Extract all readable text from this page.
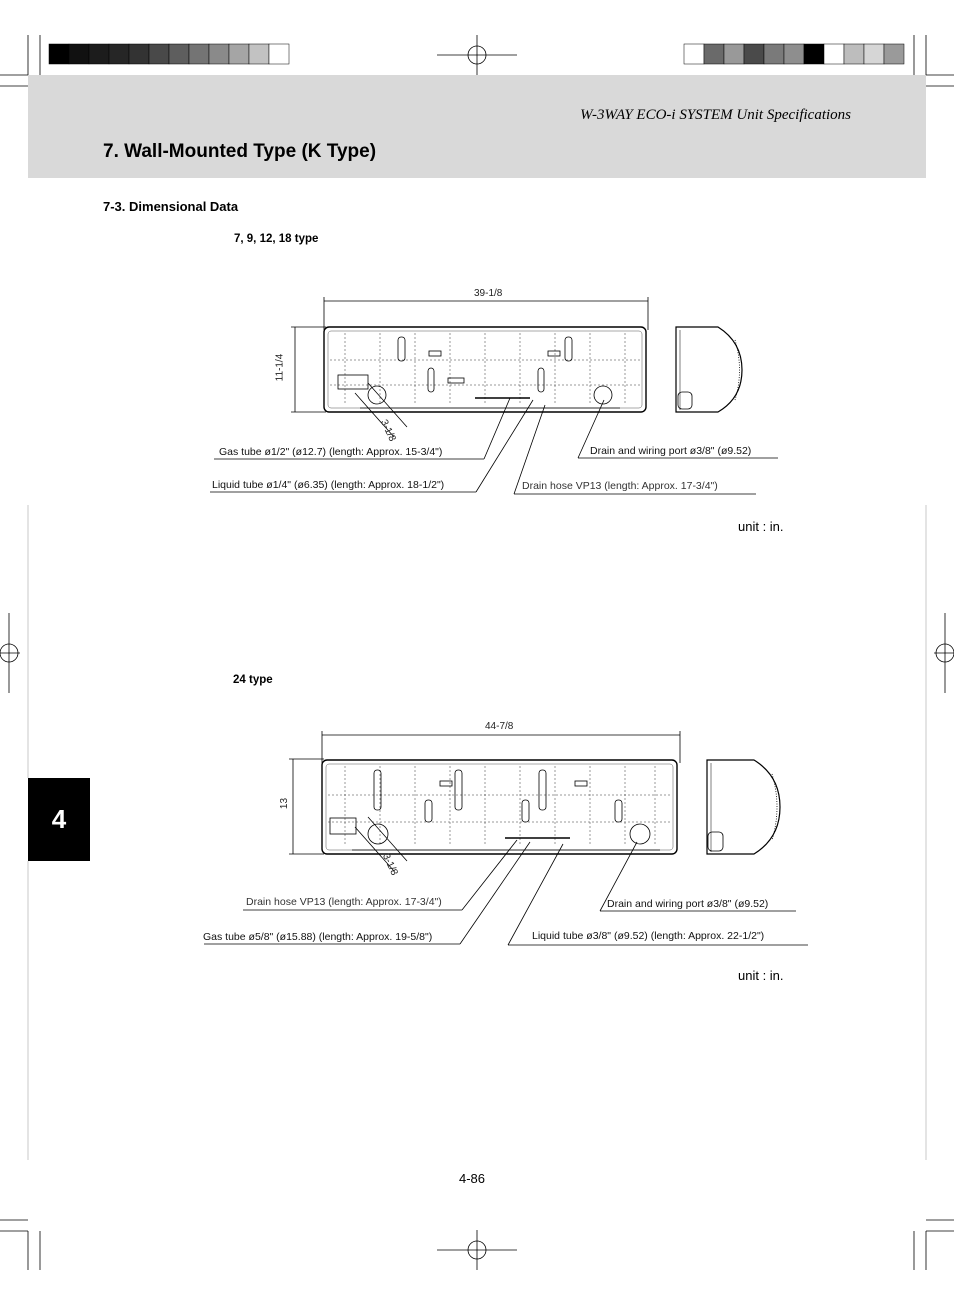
W-3WAY ECO-i SYSTEM Unit Specifications
7. Wall-Mounted Type (K Type)
7-3. Dimensional Data
7, 9, 12, 18 type
39-1/8
11-1/4
3-1/8
Gas tube ø1/2" (ø12.7) (length: Approx. 15-3/4")
Liquid tube ø1/4" (ø6.35) (length: Approx. 18-1/2")
Drain and wiring port ø3/8" (ø9.52)
Drain hose VP13 (length: Approx. 17-3/4")
unit : in.
24 type
44-7/8
13
3-1/8
Drain hose VP13 (length: Approx. 17-3/4")
Gas tube ø5/8" (ø15.88) (length: Approx. 19-5/8")
Drain and wiring port ø3/8" (ø9.52)
Liquid tube ø3/8" (ø9.52) (length: Approx. 22-1/2")
unit : in.
4
4-86
